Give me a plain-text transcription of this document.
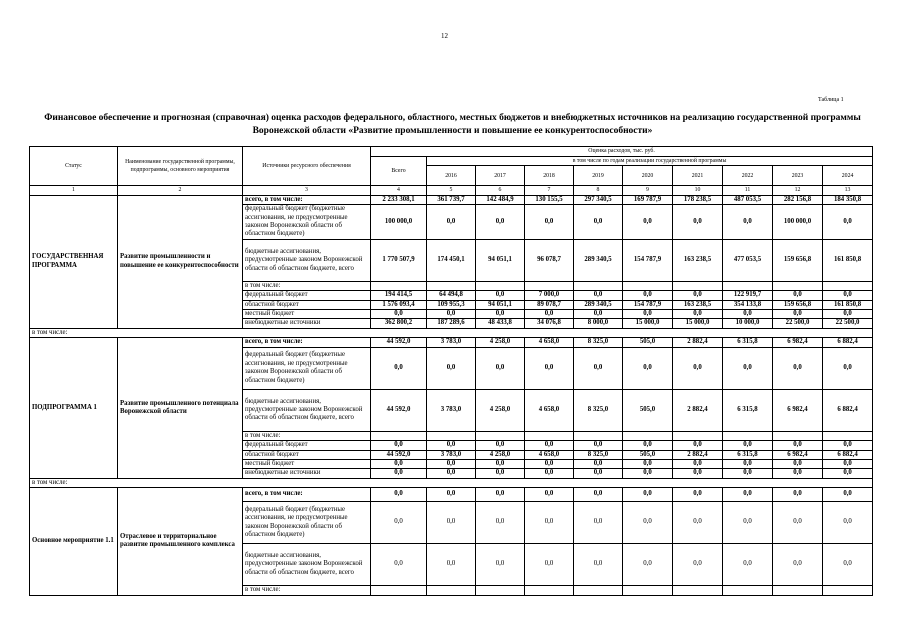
12
Таблица 1
Финансовое обеспечение и прогнозная (справочная) оценка расходов федерального, областного, местных бюджетов и внебюджетных источников на реализацию государственной программы
Воронежской области «Развитие промышленности и повышение ее конкурентоспособности»
Статус	Наименование государственной программы, подпрограммы, основного мероприятия	Источники ресурсного обеспечения	Оценка расходов, тыс. руб.									
			Всего	в том числе по годам реализации государственной программы								
				2016	2017	2018	2019	2020	2021	2022	2023	2024
1	2	3	4	5	6	7	8	9	10	11	12	13
ГОСУДАРСТВЕННАЯ ПРОГРАММА	Развитие промышленности и повышение ее конкурентоспособности	всего, в том числе:	2 233 308,1	361 739,7	142 484,9	130 155,5	297 340,5	169 787,9	178 238,5	487 053,5	282 156,8	184 350,8
		федеральный бюджет (бюджетные ассигнования, не предусмотренные законом Воронежской области об областном бюджете)	100 000,0	0,0	0,0	0,0	0,0	0,0	0,0	0,0	100 000,0	0,0
		бюджетные ассигнования, предусмотренные законом Воронежской области об областном бюджете, всего	1 770 507,9	174 450,1	94 051,1	96 078,7	289 340,5	154 787,9	163 238,5	477 053,5	159 656,8	161 850,8
		в том числе:										
		федеральный бюджет	194 414,5	64 494,8	0,0	7 000,0	0,0	0,0	0,0	122 919,7	0,0	0,0
		областной бюджет	1 576 093,4	109 955,3	94 051,1	89 078,7	289 340,5	154 787,9	163 238,5	354 133,8	159 656,8	161 850,8
		местный бюджет	0,0	0,0	0,0	0,0	0,0	0,0	0,0	0,0	0,0	0,0
		внебюджетные источники	362 800,2	187 289,6	48 433,8	34 076,8	8 000,0	15 000,0	15 000,0	10 000,0	22 500,0	22 500,0
в том числе:												
ПОДПРОГРАММА 1	Развитие промышленного потенциала Воронежской области	всего, в том числе:	44 592,0	3 783,0	4 258,0	4 658,0	8 325,0	505,0	2 882,4	6 315,8	6 982,4	6 882,4
		федеральный бюджет (бюджетные ассигнования, не предусмотренные законом Воронежской области об областном бюджете)	0,0	0,0	0,0	0,0	0,0	0,0	0,0	0,0	0,0	0,0
		бюджетные ассигнования, предусмотренные законом Воронежской области об областном бюджете, всего	44 592,0	3 783,0	4 258,0	4 658,0	8 325,0	505,0	2 882,4	6 315,8	6 982,4	6 882,4
		в том числе:										
		федеральный бюджет	0,0	0,0	0,0	0,0	0,0	0,0	0,0	0,0	0,0	0,0
		областной бюджет	44 592,0	3 783,0	4 258,0	4 658,0	8 325,0	505,0	2 882,4	6 315,8	6 982,4	6 882,4
		местный бюджет	0,0	0,0	0,0	0,0	0,0	0,0	0,0	0,0	0,0	0,0
		внебюджетные источники	0,0	0,0	0,0	0,0	0,0	0,0	0,0	0,0	0,0	0,0
в том числе:												
Основное мероприятие 1.1	Отраслевое и территориальное развитие промышленного комплекса	всего, в том числе:	0,0	0,0	0,0	0,0	0,0	0,0	0,0	0,0	0,0	0,0
		федеральный бюджет (бюджетные ассигнования, не предусмотренные законом Воронежской области об областном бюджете)	0,0	0,0	0,0	0,0	0,0	0,0	0,0	0,0	0,0	0,0
		бюджетные ассигнования, предусмотренные законом Воронежской области об областном бюджете, всего	0,0	0,0	0,0	0,0	0,0	0,0	0,0	0,0	0,0	0,0
		в том числе:										
